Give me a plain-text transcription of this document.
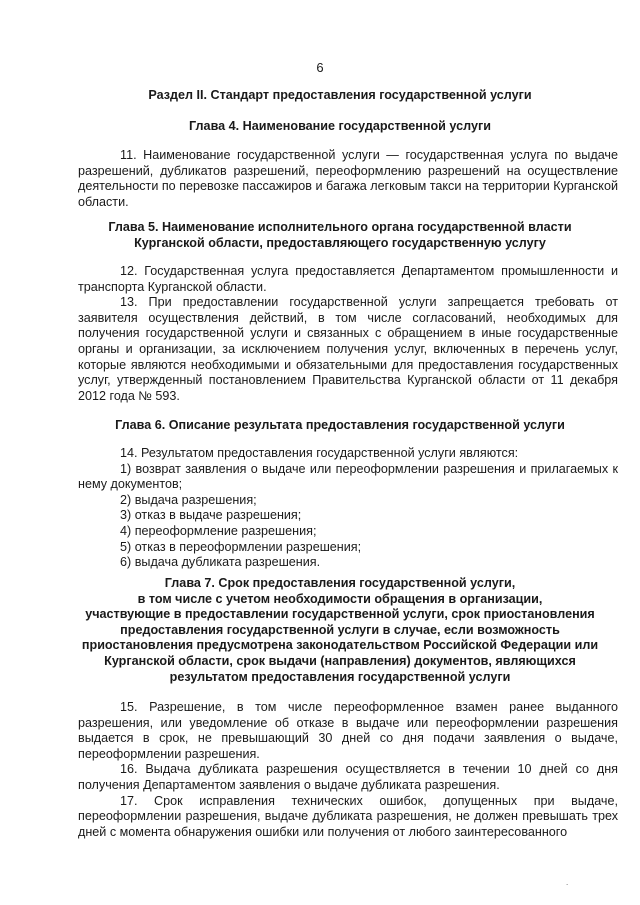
6
Раздел II. Стандарт предоставления государственной услуги
Глава 4. Наименование государственной услуги

11. Наименование государственной услуги — государственная услуга по выдаче разрешений, дубликатов разрешений, переоформлению разрешений на осуществление деятельности по перевозке пассажиров и багажа легковым такси на территории Курганской области.

Глава 5. Наименование исполнительного органа государственной власти
Курганской области, предоставляющего государственную услугу

12. Государственная услуга предоставляется Департаментом промышленности и транспорта Курганской области.

13. При предоставлении государственной услуги запрещается требовать от заявителя осуществления действий, в том числе согласований, необходимых для получения государственной услуги и связанных с обращением в иные государственные органы и организации, за исключением получения услуг, включенных в перечень услуг, которые являются необходимыми и обязательными для предоставления государственных услуг, утвержденный постановлением Правительства Курганской области от 11 декабря 2012 года № 593.

Глава 6. Описание результата предоставления государственной услуги

14. Результатом предоставления государственной услуги являются:

1) возврат заявления о выдаче или переоформлении разрешения и прилагаемых к нему документов;

2) выдача разрешения;

3) отказ в выдаче разрешения;

4) переоформление разрешения;

5) отказ в переоформлении разрешения;

6) выдача дубликата разрешения.

Глава 7. Срок предоставления государственной услуги,
в том числе с учетом необходимости обращения в организации,
участвующие в предоставлении государственной услуги, срок приостановления
предоставления государственной услуги в случае, если возможность
приостановления предусмотрена законодательством Российской Федерации или
Курганской области, срок выдачи (направления) документов, являющихся
результатом предоставления государственной услуги

15. Разрешение, в том числе переоформленное взамен ранее выданного разрешения, или уведомление об отказе в выдаче или переоформлении разрешения выдается в срок, не превышающий 30 дней со дня подачи заявления о выдаче, переоформлении разрешения.

16. Выдача дубликата разрешения осуществляется в течении 10 дней со дня получения Департаментом заявления о выдаче дубликата разрешения.

17. Срок исправления технических ошибок, допущенных при выдаче, переоформлении разрешения, выдаче дубликата разрешения, не должен превышать трех дней с момента обнаружения ошибки или получения от любого заинтересованного

.
